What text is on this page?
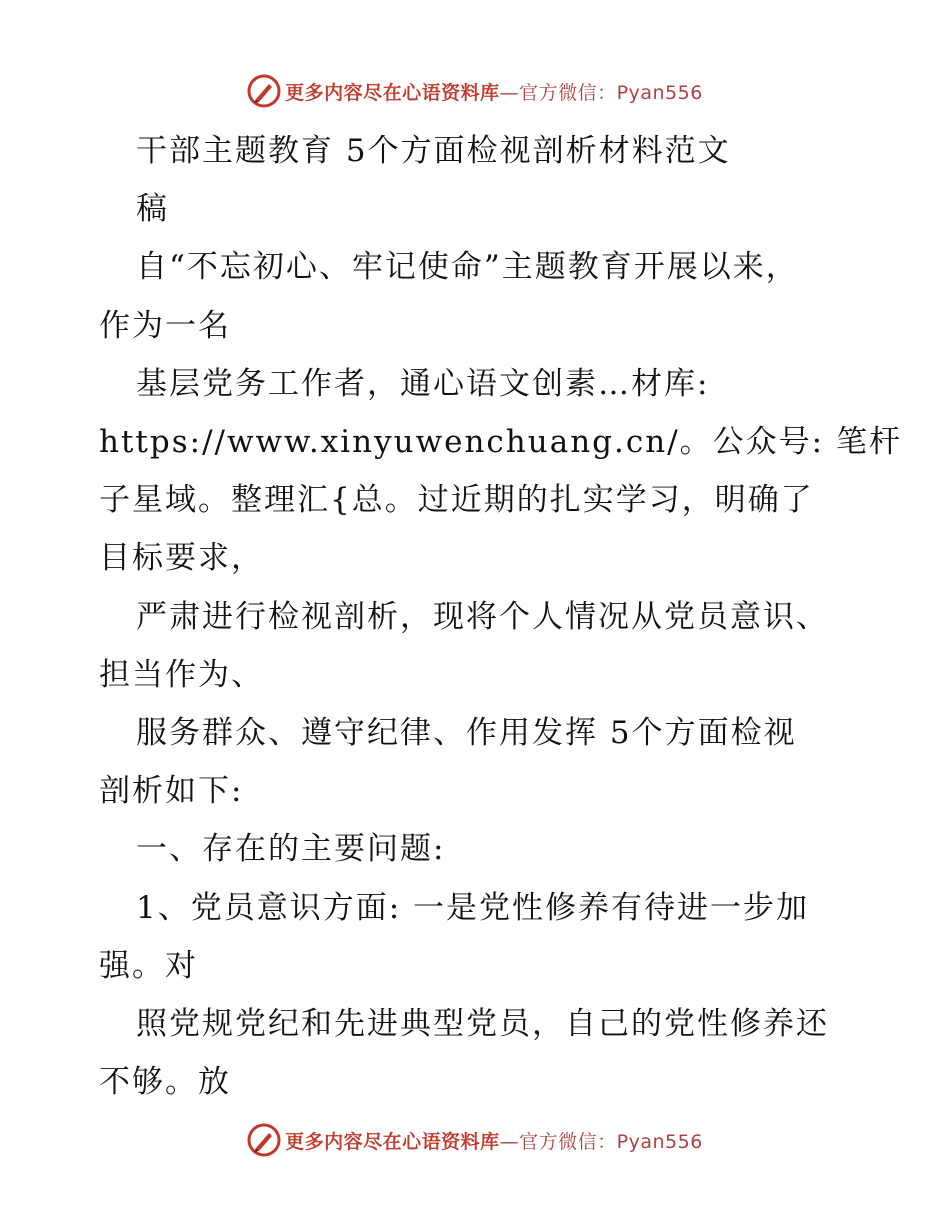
更多内容尽在心语资料库—官方微信：Pyan556

干部主题教育 5个方面检视剖析材料范文

稿

自“不忘初心、牢记使命”主题教育开展以来，

作为一名

基层党务工作者，通心语文创素…材库:

https://www.xinyuwenchuang.cn/。公众号: 笔杆

子星域。整理汇{总。过近期的扎实学习，明确了

目标要求，

严肃进行检视剖析，现将个人情况从党员意识、

担当作为、

服务群众、遵守纪律、作用发挥 5个方面检视

剖析如下:

一、存在的主要问题:

1、党员意识方面: 一是党性修养有待进一步加

强。对

照党规党纪和先进典型党员，自己的党性修养还

不够。放

更多内容尽在心语资料库—官方微信：Pyan556
